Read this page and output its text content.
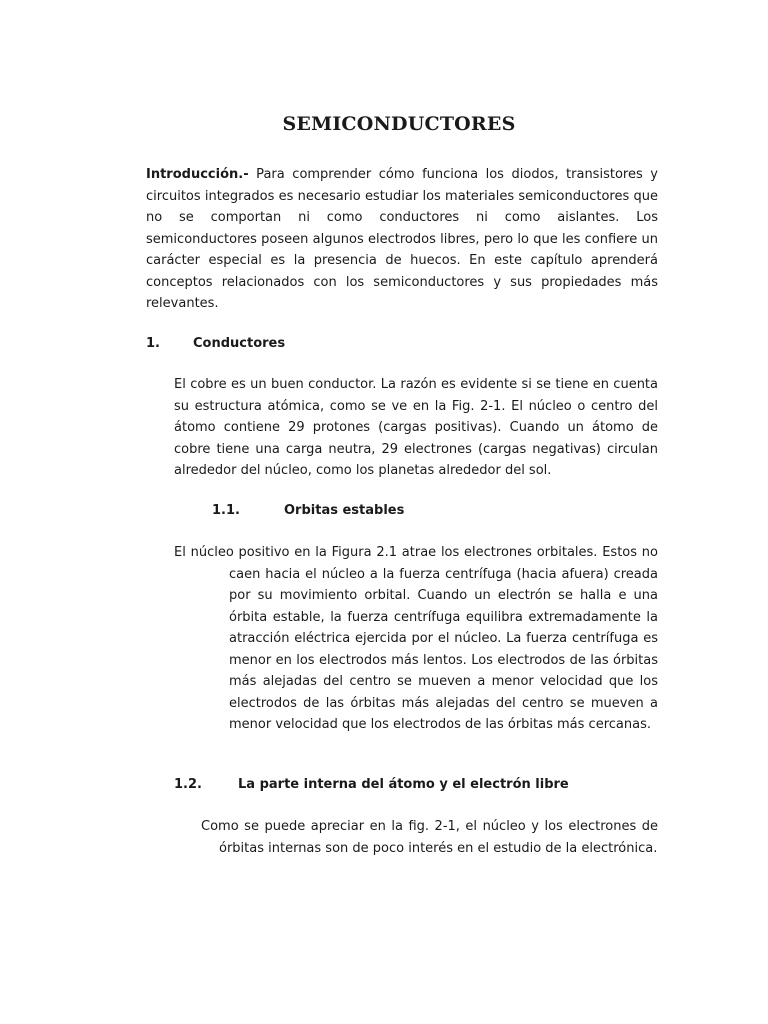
SEMICONDUCTORES
Introducción.- Para comprender cómo funciona los diodos, transistores y circuitos integrados es necesario estudiar los materiales semiconductores que no se comportan ni como conductores ni como aislantes. Los semiconductores poseen algunos electrodos libres, pero lo que les confiere un carácter especial es la presencia de huecos. En este capítulo aprenderá conceptos relacionados con los semiconductores y sus propiedades más relevantes.
1.	Conductores
El cobre es un buen conductor. La razón es evidente si se tiene en cuenta su estructura atómica, como se ve en la Fig. 2-1. El núcleo o centro del átomo contiene 29 protones (cargas positivas). Cuando un átomo de cobre tiene una carga neutra, 29 electrones (cargas negativas) circulan alrededor del núcleo, como los planetas alrededor del sol.
1.1.	Orbitas estables
El núcleo positivo en la Figura 2.1 atrae los electrones orbitales. Estos no caen hacia el núcleo a la fuerza centrífuga (hacia afuera) creada por su movimiento orbital. Cuando un electrón se halla e una órbita estable, la fuerza centrífuga equilibra extremadamente la atracción eléctrica ejercida por el núcleo. La fuerza centrífuga es menor en los electrodos más lentos. Los electrodos de las órbitas más alejadas del centro se mueven a menor velocidad que los electrodos de las órbitas más alejadas del centro se mueven a menor velocidad que los electrodos de las órbitas más cercanas.
1.2.	La parte interna del átomo y el electrón libre
Como se puede apreciar en la fig. 2-1, el núcleo y los electrones de órbitas internas son de poco interés en el estudio de la electrónica.
